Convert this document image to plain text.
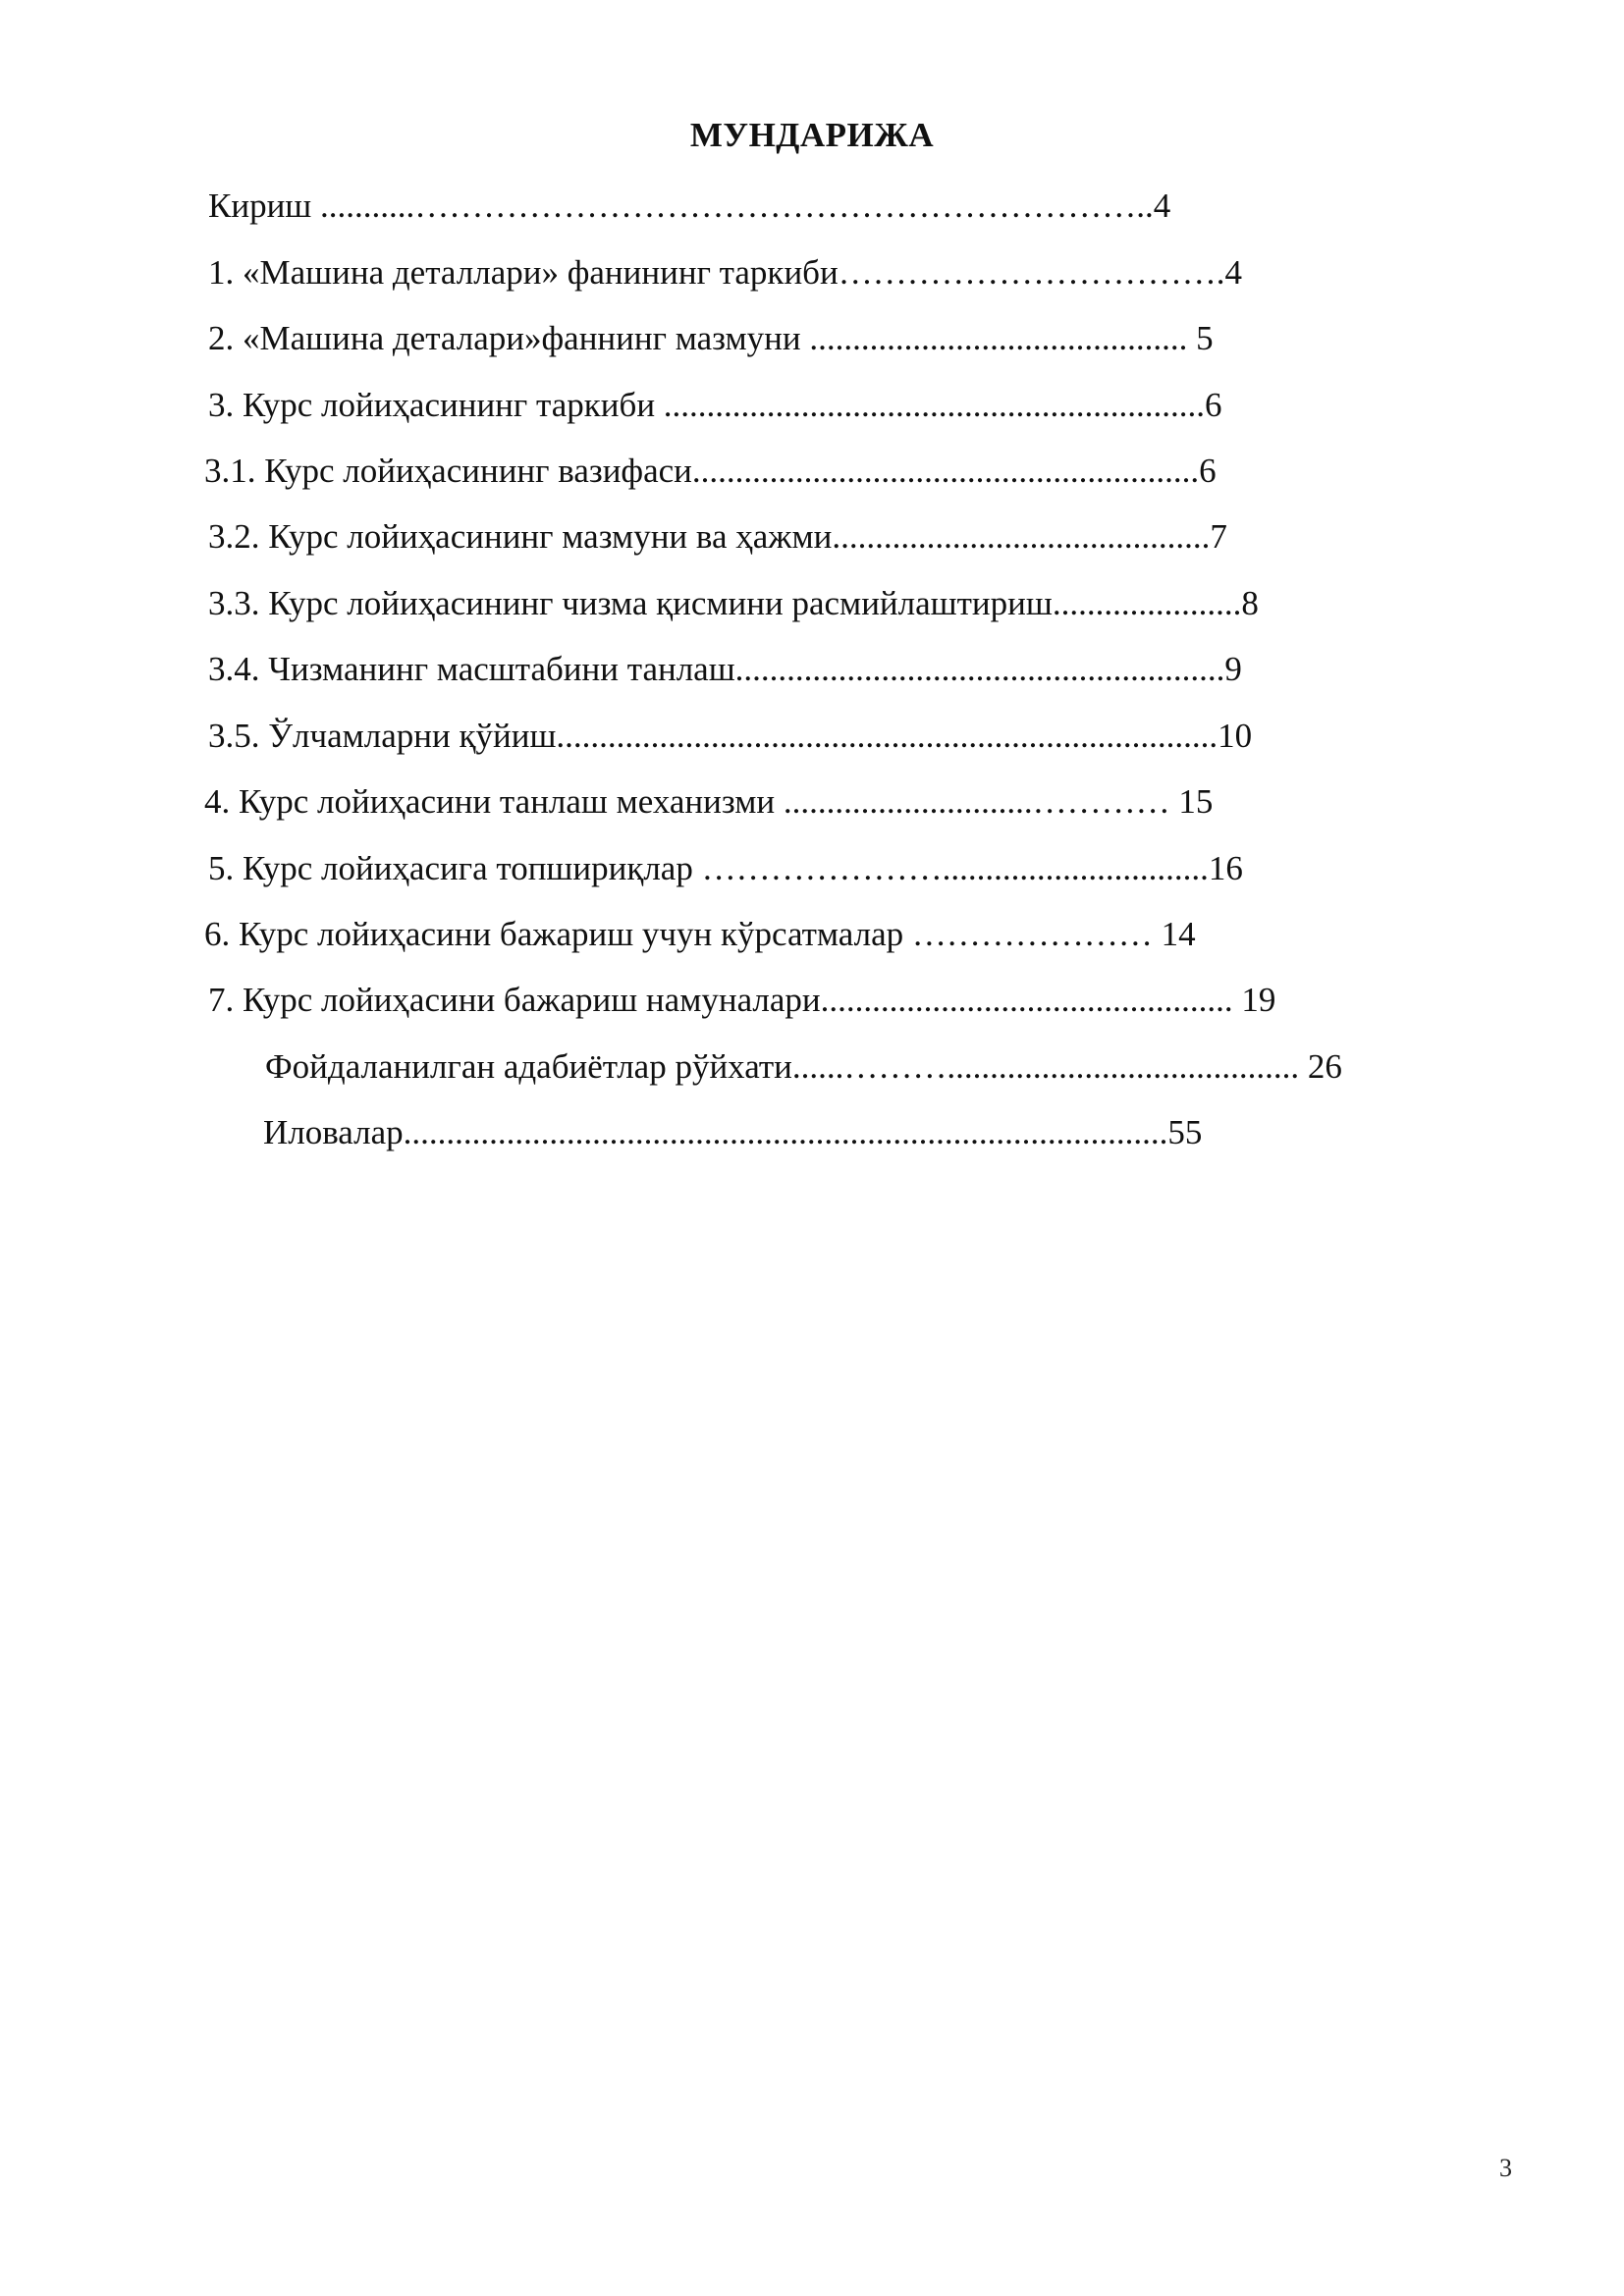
МУНДАРИЖА
Кириш ...........………………………………………………………..4
1. «Машина деталлари» фанининг таркиби…………………………….4
2. «Машина деталари»фаннинг мазмуни ............................................ 5
3. Курс лойиҳасининг таркиби ...............................................................6
3.1. Курс лойиҳасининг вазифаси...........................................................6
3.2. Курс лойиҳасининг мазмуни ва ҳажми............................................7
3.3. Курс лойиҳасининг чизма қисмини расмийлаштириш......................8
3.4. Чизманинг масштабини танлаш.........................................................9
3.5. Ўлчамларни қўйиш.............................................................................10
4. Курс лойиҳасини танлаш механизми .............................………… 15
5. Курс лойиҳасига топшириқлар …………………...............................16
6. Курс лойиҳасини бажариш учун кўрсатмалар ………………… 14
7. Курс лойиҳасини бажариш намуналари................................................ 19
Фойдаланилган адабиётлар рўйхати......………......................................... 26
Иловалар.........................................................................................55
3
